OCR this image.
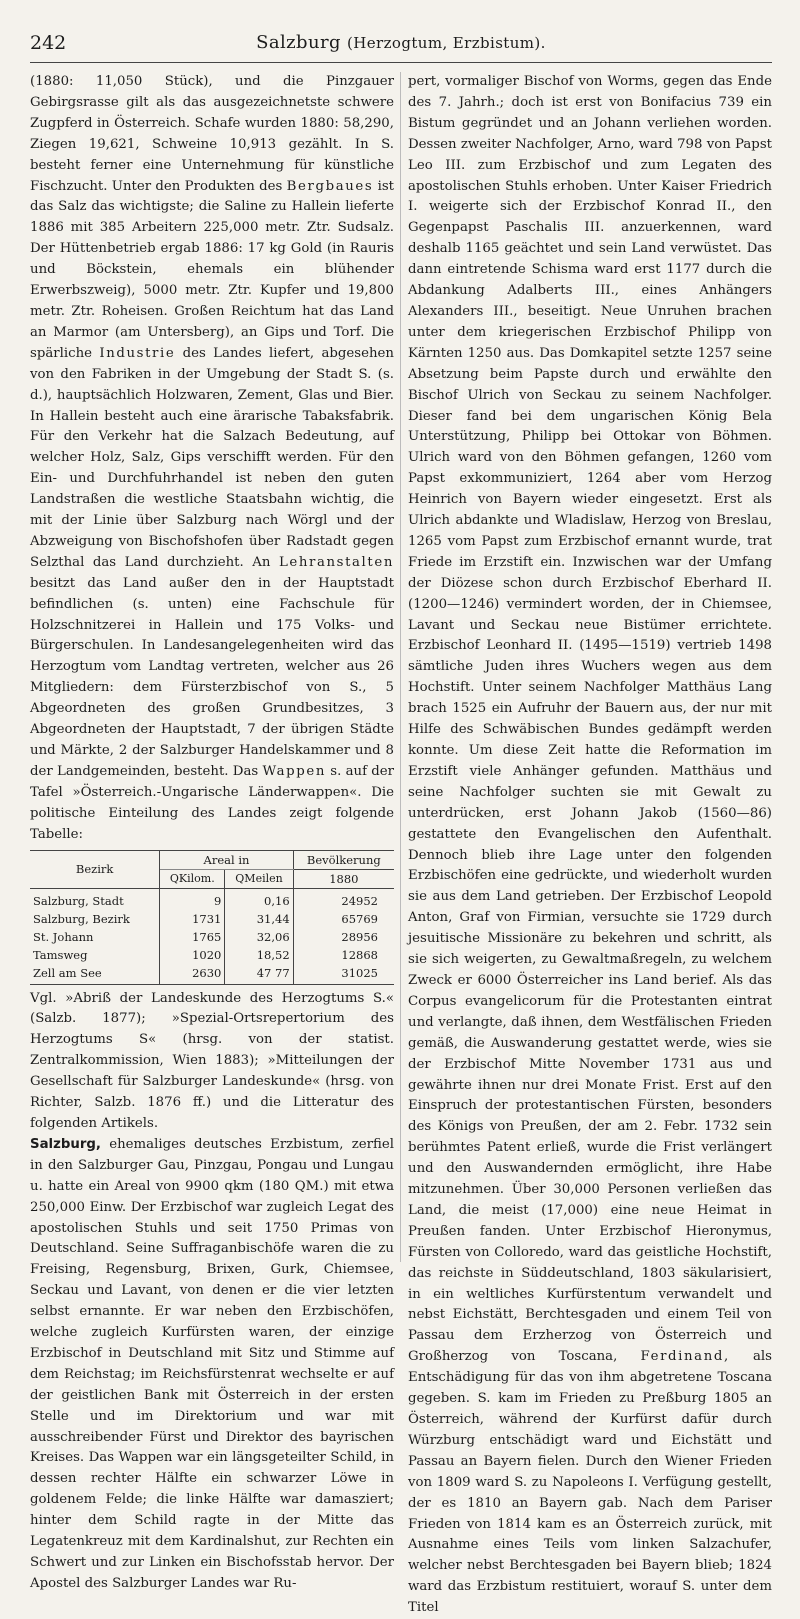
242	Salzburg (Herzogtum, Erzbistum).

(1880: 11,050 Stück), und die Pinzgauer Gebirgsrasse gilt als das ausgezeichnetste schwere Zugpferd in Österreich. Schafe wurden 1880: 58,290, Ziegen 19,621, Schweine 10,913 gezählt. In S. besteht ferner eine Unternehmung für künstliche Fischzucht. Unter den Produkten des Bergbaues ist das Salz das wichtigste; die Saline zu Hallein lieferte 1886 mit 385 Arbeitern 225,000 metr. Ztr. Sudsalz. Der Hüttenbetrieb ergab 1886: 17 kg Gold (in Rauris und Böckstein, ehemals ein blühender Erwerbszweig), 5000 metr. Ztr. Kupfer und 19,800 metr. Ztr. Roheisen. Großen Reichtum hat das Land an Marmor (am Untersberg), an Gips und Torf. Die spärliche Industrie des Landes liefert, abgesehen von den Fabriken in der Umgebung der Stadt S. (s. d.), hauptsächlich Holzwaren, Zement, Glas und Bier. In Hallein besteht auch eine ärarische Tabaksfabrik. Für den Verkehr hat die Salzach Bedeutung, auf welcher Holz, Salz, Gips verschifft werden. Für den Ein- und Durchfuhrhandel ist neben den guten Landstraßen die westliche Staatsbahn wichtig, die mit der Linie über Salzburg nach Wörgl und der Abzweigung von Bischofshofen über Radstadt gegen Selzthal das Land durchzieht. An Lehranstalten besitzt das Land außer den in der Hauptstadt befindlichen (s. unten) eine Fachschule für Holzschnitzerei in Hallein und 175 Volks- und Bürgerschulen. In Landesangelegenheiten wird das Herzogtum vom Landtag vertreten, welcher aus 26 Mitgliedern: dem Fürsterzbischof von S., 5 Abgeordneten des großen Grundbesitzes, 3 Abgeordneten der Hauptstadt, 7 der übrigen Städte und Märkte, 2 der Salzburger Handelskammer und 8 der Landgemeinden, besteht. Das Wappen s. auf der Tafel »Österreich.-Ungarische Länderwappen«. Die politische Einteilung des Landes zeigt folgende Tabelle:

Bezirk	Areal in		Bevölkerung
	QKilom.	QMeilen	1880
Salzburg, Stadt	9	0,16	24952
Salzburg, Bezirk	1731	31,44	65769
St. Johann	1765	32,06	28956
Tamsweg	1020	18,52	12868
Zell am See	2630	47 77	31025

Vgl. »Abriß der Landeskunde des Herzogtums S.« (Salzb. 1877); »Spezial-Ortsrepertorium des Herzogtums S« (hrsg. von der statist. Zentralkommission, Wien 1883); »Mitteilungen der Gesellschaft für Salzburger Landeskunde« (hrsg. von Richter, Salzb. 1876 ff.) und die Litteratur des folgenden Artikels.

Salzburg, ehemaliges deutsches Erzbistum, zerfiel in den Salzburger Gau, Pinzgau, Pongau und Lungau u. hatte ein Areal von 9900 qkm (180 QM.) mit etwa 250,000 Einw. Der Erzbischof war zugleich Legat des apostolischen Stuhls und seit 1750 Primas von Deutschland. Seine Suffraganbischöfe waren die zu Freising, Regensburg, Brixen, Gurk, Chiemsee, Seckau und Lavant, von denen er die vier letzten selbst ernannte. Er war neben den Erzbischöfen, welche zugleich Kurfürsten waren, der einzige Erzbischof in Deutschland mit Sitz und Stimme auf dem Reichstag; im Reichsfürstenrat wechselte er auf der geistlichen Bank mit Österreich in der ersten Stelle und im Direktorium und war mit ausschreibender Fürst und Direktor des bayrischen Kreises. Das Wappen war ein längsgeteilter Schild, in dessen rechter Hälfte ein schwarzer Löwe in goldenem Felde; die linke Hälfte war damasziert; hinter dem Schild ragte in der Mitte das Legatenkreuz mit dem Kardinalshut, zur Rechten ein Schwert und zur Linken ein Bischofsstab hervor. Der Apostel des Salzburger Landes war Ru-

pert, vormaliger Bischof von Worms, gegen das Ende des 7. Jahrh.; doch ist erst von Bonifacius 739 ein Bistum gegründet und an Johann verliehen worden. Dessen zweiter Nachfolger, Arno, ward 798 von Papst Leo III. zum Erzbischof und zum Legaten des apostolischen Stuhls erhoben. Unter Kaiser Friedrich I. weigerte sich der Erzbischof Konrad II., den Gegenpapst Paschalis III. anzuerkennen, ward deshalb 1165 geächtet und sein Land verwüstet. Das dann eintretende Schisma ward erst 1177 durch die Abdankung Adalberts III., eines Anhängers Alexanders III., beseitigt. Neue Unruhen brachen unter dem kriegerischen Erzbischof Philipp von Kärnten 1250 aus. Das Domkapitel setzte 1257 seine Absetzung beim Papste durch und erwählte den Bischof Ulrich von Seckau zu seinem Nachfolger. Dieser fand bei dem ungarischen König Bela Unterstützung, Philipp bei Ottokar von Böhmen. Ulrich ward von den Böhmen gefangen, 1260 vom Papst exkommuniziert, 1264 aber vom Herzog Heinrich von Bayern wieder eingesetzt. Erst als Ulrich abdankte und Wladislaw, Herzog von Breslau, 1265 vom Papst zum Erzbischof ernannt wurde, trat Friede im Erzstift ein. Inzwischen war der Umfang der Diözese schon durch Erzbischof Eberhard II. (1200—1246) vermindert worden, der in Chiemsee, Lavant und Seckau neue Bistümer errichtete. Erzbischof Leonhard II. (1495—1519) vertrieb 1498 sämtliche Juden ihres Wuchers wegen aus dem Hochstift. Unter seinem Nachfolger Matthäus Lang brach 1525 ein Aufruhr der Bauern aus, der nur mit Hilfe des Schwäbischen Bundes gedämpft werden konnte. Um diese Zeit hatte die Reformation im Erzstift viele Anhänger gefunden. Matthäus und seine Nachfolger suchten sie mit Gewalt zu unterdrücken, erst Johann Jakob (1560—86) gestattete den Evangelischen den Aufenthalt. Dennoch blieb ihre Lage unter den folgenden Erzbischöfen eine gedrückte, und wiederholt wurden sie aus dem Land getrieben. Der Erzbischof Leopold Anton, Graf von Firmian, versuchte sie 1729 durch jesuitische Missionäre zu bekehren und schritt, als sie sich weigerten, zu Gewaltmaßregeln, zu welchem Zweck er 6000 Österreicher ins Land berief. Als das Corpus evangelicorum für die Protestanten eintrat und verlangte, daß ihnen, dem Westfälischen Frieden gemäß, die Auswanderung gestattet werde, wies sie der Erzbischof Mitte November 1731 aus und gewährte ihnen nur drei Monate Frist. Erst auf den Einspruch der protestantischen Fürsten, besonders des Königs von Preußen, der am 2. Febr. 1732 sein berühmtes Patent erließ, wurde die Frist verlängert und den Auswandernden ermöglicht, ihre Habe mitzunehmen. Über 30,000 Personen verließen das Land, die meist (17,000) eine neue Heimat in Preußen fanden. Unter Erzbischof Hieronymus, Fürsten von Colloredo, ward das geistliche Hochstift, das reichste in Süddeutschland, 1803 säkularisiert, in ein weltliches Kurfürstentum verwandelt und nebst Eichstätt, Berchtesgaden und einem Teil von Passau dem Erzherzog von Österreich und Großherzog von Toscana, Ferdinand, als Entschädigung für das von ihm abgetretene Toscana gegeben. S. kam im Frieden zu Preßburg 1805 an Österreich, während der Kurfürst dafür durch Würzburg entschädigt ward und Eichstätt und Passau an Bayern fielen. Durch den Wiener Frieden von 1809 ward S. zu Napoleons I. Verfügung gestellt, der es 1810 an Bayern gab. Nach dem Pariser Frieden von 1814 kam es an Österreich zurück, mit Ausnahme eines Teils vom linken Salzachufer, welcher nebst Berchtesgaden bei Bayern blieb; 1824 ward das Erzbistum restituiert, worauf S. unter dem Titel
